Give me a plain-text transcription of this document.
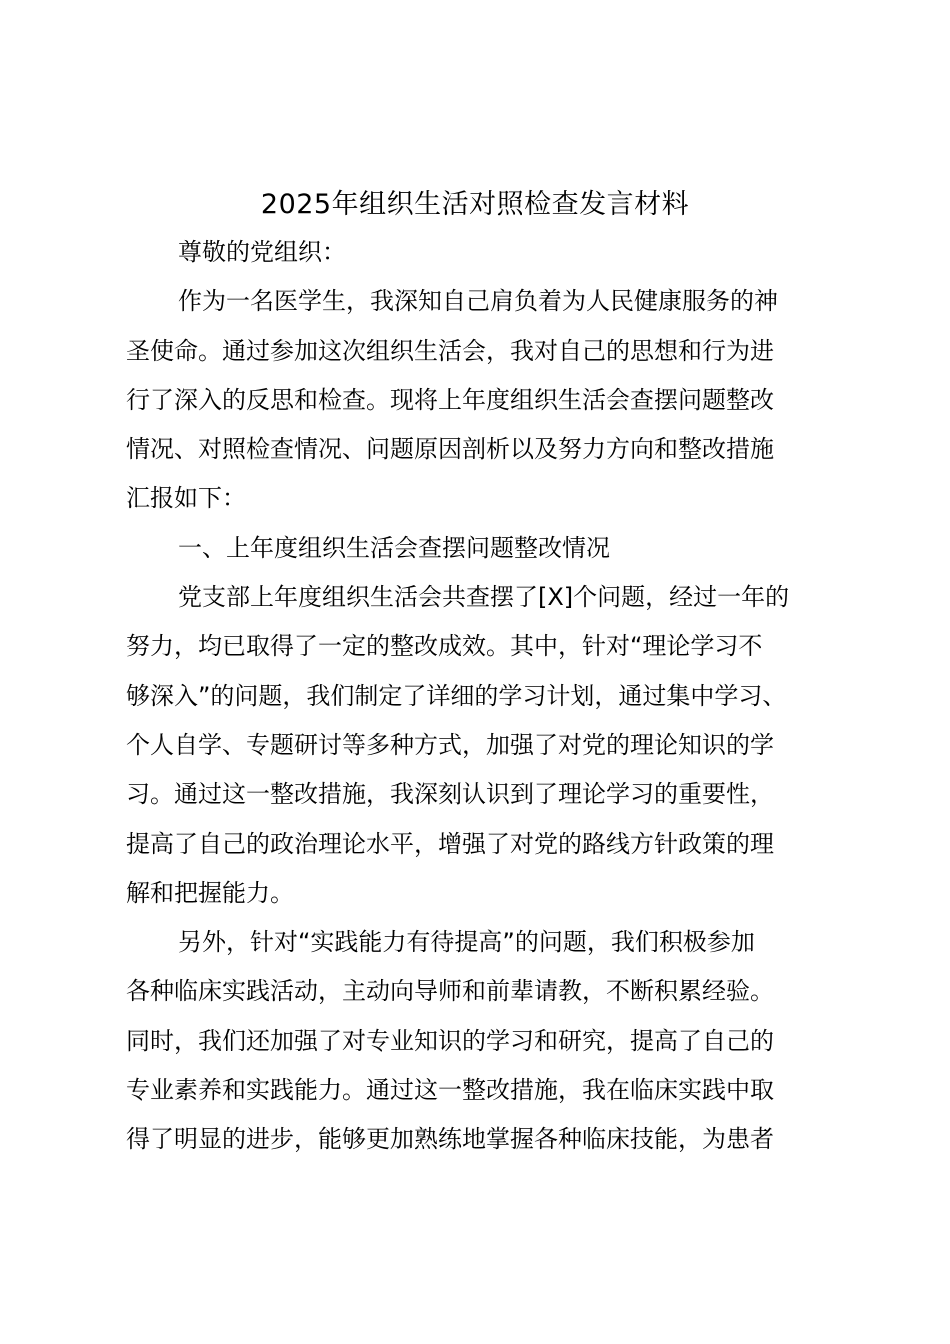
2025年组织生活对照检查发言材料
尊敬的党组织：
作为一名医学生，我深知自己肩负着为人民健康服务的神
圣使命。通过参加这次组织生活会，我对自己的思想和行为进
行了深入的反思和检查。现将上年度组织生活会查摆问题整改
情况、对照检查情况、问题原因剖析以及努力方向和整改措施
汇报如下：
一、上年度组织生活会查摆问题整改情况
党支部上年度组织生活会共查摆了[X]个问题，经过一年的
努力，均已取得了一定的整改成效。其中，针对“理论学习不
够深入”的问题，我们制定了详细的学习计划，通过集中学习、
个人自学、专题研讨等多种方式，加强了对党的理论知识的学
习。通过这一整改措施，我深刻认识到了理论学习的重要性，
提高了自己的政治理论水平，增强了对党的路线方针政策的理
解和把握能力。
另外，针对“实践能力有待提高”的问题，我们积极参加
各种临床实践活动，主动向导师和前辈请教，不断积累经验。
同时，我们还加强了对专业知识的学习和研究，提高了自己的
专业素养和实践能力。通过这一整改措施，我在临床实践中取
得了明显的进步，能够更加熟练地掌握各种临床技能，为患者
